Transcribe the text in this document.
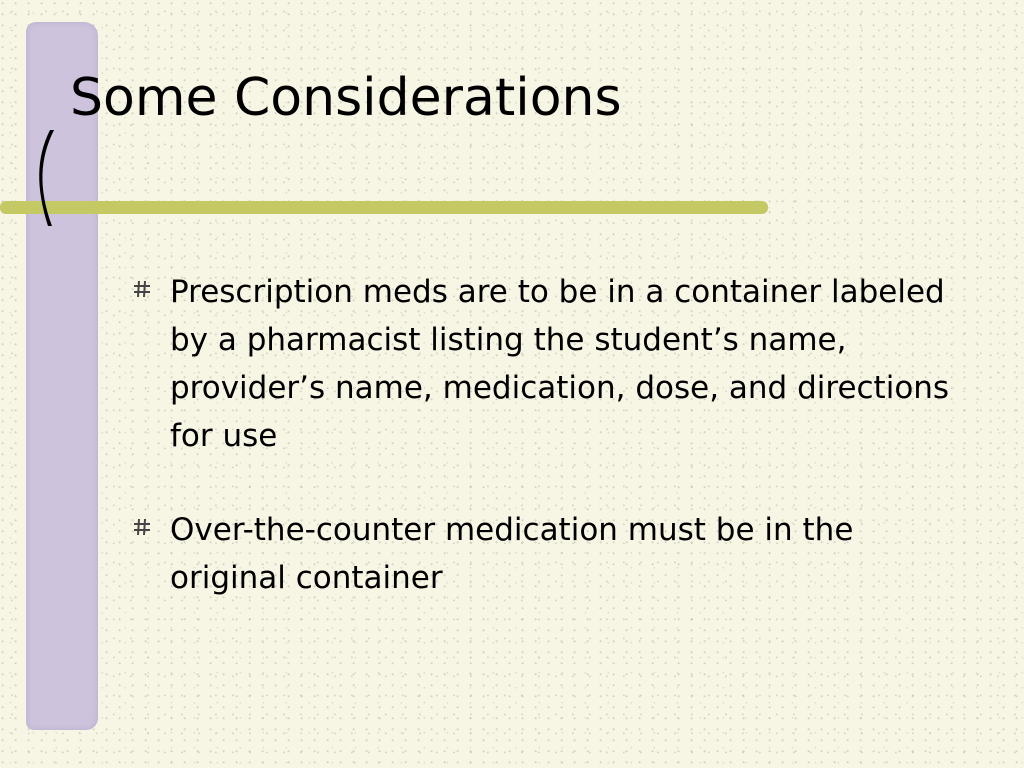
Some Considerations
Prescription meds are to be in a container labeled by a pharmacist listing the student’s name, provider’s name, medication, dose, and directions for use
Over-the-counter medication must be in the original container
